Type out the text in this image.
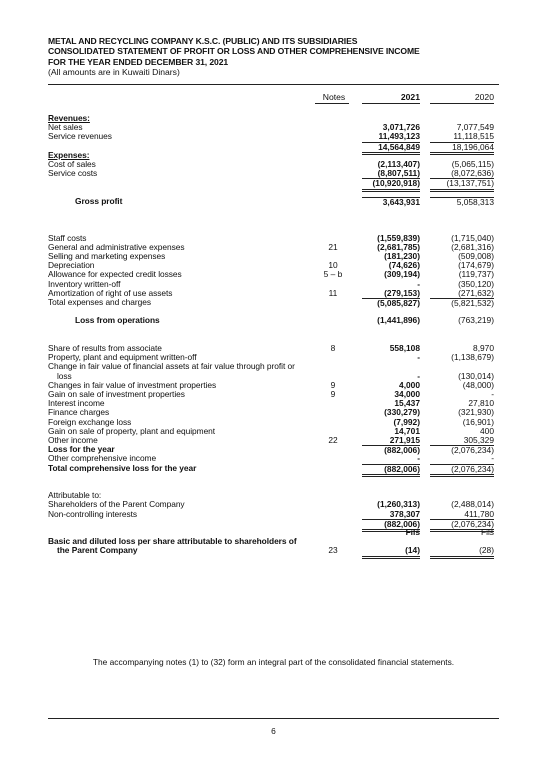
METAL AND RECYCLING COMPANY K.S.C. (PUBLIC) AND ITS SUBSIDIARIES
CONSOLIDATED STATEMENT OF PROFIT OR LOSS AND OTHER COMPREHENSIVE INCOME
FOR THE YEAR ENDED DECEMBER 31, 2021
(All amounts are in Kuwaiti Dinars)
Notes	2021	2020
Revenues:
Net sales	3,071,726	7,077,549
Service revenues	11,493,123	11,118,515

14,564,849	18,196,064
Expenses:
Cost of sales	(2,113,407)	(5,065,115)
Service costs	(8,807,511)	(8,072,636)

(10,920,918)	(13,137,751)
Gross profit	3,643,931	5,058,313
Staff costs	(1,559,839)	(1,715,040)
General and administrative expenses	21	(2,681,785)	(2,681,316)
Selling and marketing expenses	(181,230)	(509,008)
Depreciation	10	(74,626)	(174,679)
Allowance for expected credit losses	5 – b	(309,194)	(119,737)
Inventory written-off	-	(350,120)
Amortization of right of use assets	11	(279,153)	(271,632)
Total expenses and charges	(5,085,827)	(5,821,532)
Loss from operations	(1,441,896)	(763,219)
Share of results from associate	8	558,108	8,970
Property, plant and equipment written-off	-	(1,138,679)
Change in fair value of financial assets at fair value through profit or
loss	-	(130,014)
Changes in fair value of investment properties	9	4,000	(48,000)
Gain on sale of investment properties	9	34,000	-
Interest income	15,437	27,810
Finance charges	(330,279)	(321,930)
Foreign exchange loss	(7,992)	(16,901)
Gain on sale of property, plant and equipment	14,701	400
Other income	22	271,915	305,329
Loss for the year	(882,006)	(2,076,234)
Other comprehensive income	-	-
Total comprehensive loss for the year	(882,006)	(2,076,234)
Attributable to:
Shareholders of the Parent Company	(1,260,313)	(2,488,014)
Non-controlling interests	378,307	411,780

(882,006)	(2,076,234)

Fils	Fils
Basic and diluted loss per share attributable to shareholders of
the Parent Company	23	(14)	(28)
The accompanying notes (1) to (32) form an integral part of the consolidated financial statements.
6
